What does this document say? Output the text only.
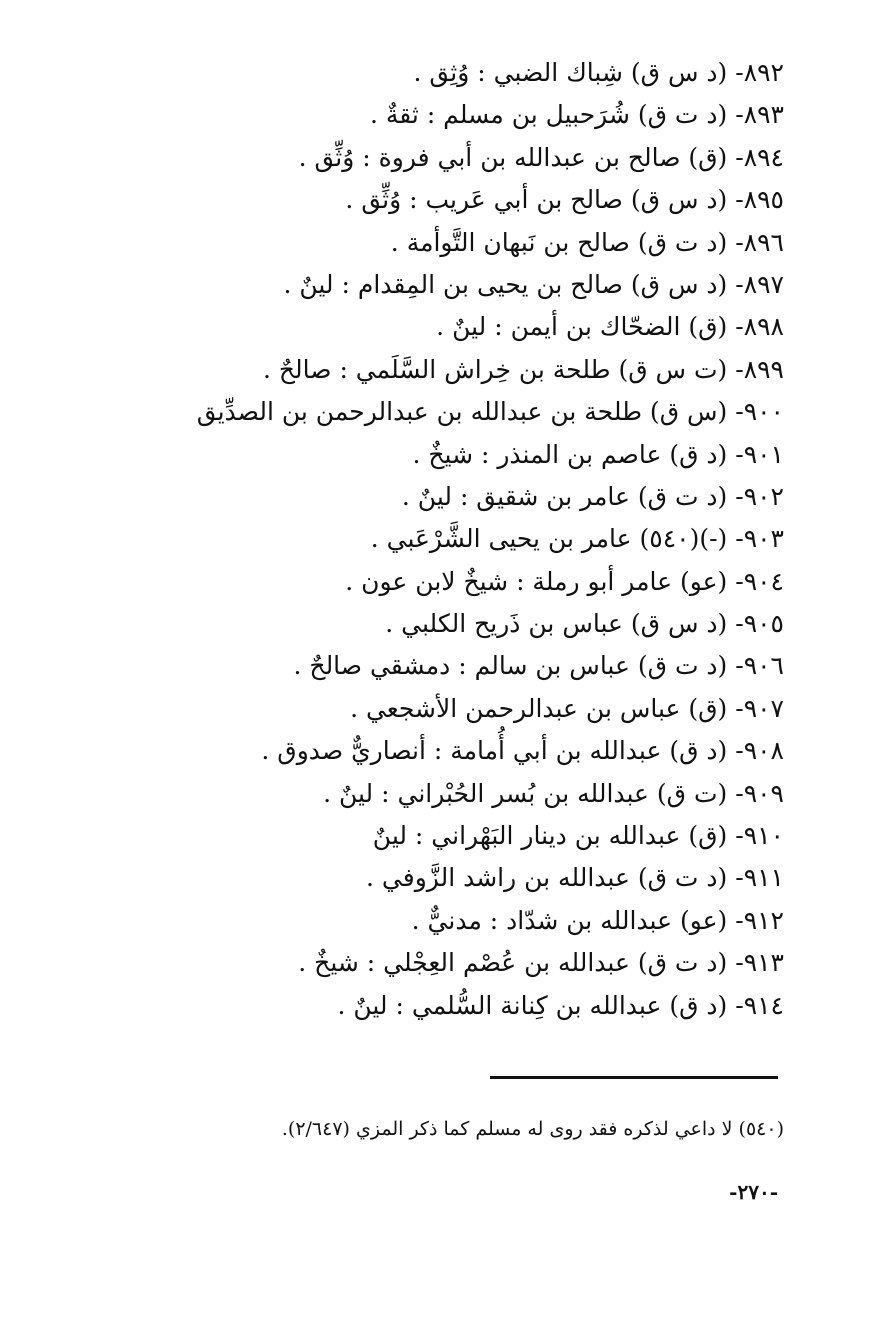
٨٩٢- (د س ق) شِباك الضبي : وُثِق .
٨٩٣- (د ت ق) شُرَحبيل بن مسلم : ثقةٌ .
٨٩٤- (ق) صالح بن عبدالله بن أبي فروة : وُثِّق .
٨٩٥- (د س ق) صالح بن أبي عَريب : وُثِّق .
٨٩٦- (د ت ق) صالح بن نَبهان التَّوأمة .
٨٩٧- (د س ق) صالح بن يحيى بن المِقدام : لينٌ .
٨٩٨- (ق) الضحّاك بن أيمن : لينٌ .
٨٩٩- (ت س ق) طلحة بن خِراش السَّلَمي : صالحٌ .
٩٠٠- (س ق) طلحة بن عبدالله بن عبدالرحمن بن الصدِّيق
٩٠١- (د ق) عاصم بن المنذر : شيخٌ .
٩٠٢- (د ت ق) عامر بن شقيق : لينٌ .
٩٠٣- (-)(٥٤٠) عامر بن يحيى الشَّرْعَبي .
٩٠٤- (عو) عامر أبو رملة : شيخٌ لابن عون .
٩٠٥- (د س ق) عباس بن ذَريح الكلبي .
٩٠٦- (د ت ق) عباس بن سالم : دمشقي صالحٌ .
٩٠٧- (ق) عباس بن عبدالرحمن الأشجعي .
٩٠٨- (د ق) عبدالله بن أبي أُمامة : أنصاريٌّ صدوق .
٩٠٩- (ت ق) عبدالله بن بُسر الحُبْراني : لينٌ .
٩١٠- (ق) عبدالله بن دينار البَهْراني : لينٌ
٩١١- (د ت ق) عبدالله بن راشد الزَّوفي .
٩١٢- (عو) عبدالله بن شدّاد : مدنيٌّ .
٩١٣- (د ت ق) عبدالله بن عُصْم العِجْلي : شيخٌ .
٩١٤- (د ق) عبدالله بن كِنانة السُّلمي : لينٌ .
(٥٤٠) لا داعي لذكره فقد روى له مسلم كما ذكر المزي (٢/٦٤٧).
-٢٧٠-
